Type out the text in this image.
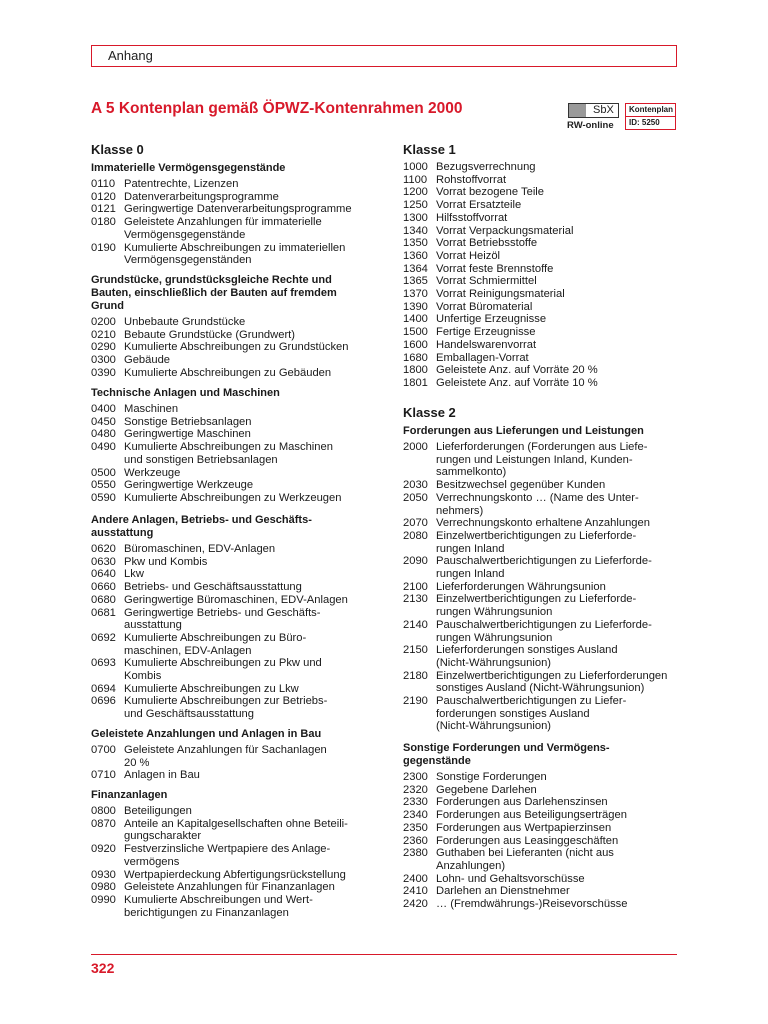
Anhang
A 5 Kontenplan gemäß ÖPWZ-Kontenrahmen 2000	SbX
RW-online
Kontenplan
ID: 5250
Klasse 0
Immaterielle Vermögensgegenstände
0110 Patentrechte, Lizenzen
0120 Datenverarbeitungsprogramme
0121 Geringwertige Datenverarbeitungsprogramme
0180 Geleistete Anzahlungen für immaterielle
Vermögensgegenstände
0190 Kumulierte Abschreibungen zu immateriellen
Vermögensgegenständen
Grundstücke, grundstücksgleiche Rechte und
Bauten, einschließlich der Bauten auf fremdem
Grund
0200 Unbebaute Grundstücke
0210 Bebaute Grundstücke (Grundwert)
0290 Kumulierte Abschreibungen zu Grundstücken
0300 Gebäude
0390 Kumulierte Abschreibungen zu Gebäuden
Technische Anlagen und Maschinen
0400 Maschinen
0450 Sonstige Betriebsanlagen
0480 Geringwertige Maschinen
0490 Kumulierte Abschreibungen zu Maschinen
und sonstigen Betriebsanlagen
0500 Werkzeuge
0550 Geringwertige Werkzeuge
0590 Kumulierte Abschreibungen zu Werkzeugen
Andere Anlagen, Betriebs- und Geschäfts-
ausstattung
0620 Büromaschinen, EDV-Anlagen
0630 Pkw und Kombis
0640 Lkw
0660 Betriebs- und Geschäftsausstattung
0680 Geringwertige Büromaschinen, EDV-Anlagen
0681 Geringwertige Betriebs- und Geschäfts-
ausstattung
0692 Kumulierte Abschreibungen zu Büro-
maschinen, EDV-Anlagen
0693 Kumulierte Abschreibungen zu Pkw und
Kombis
0694 Kumulierte Abschreibungen zu Lkw
0696 Kumulierte Abschreibungen zur Betriebs-
und Geschäftsausstattung
Geleistete Anzahlungen und Anlagen in Bau
0700 Geleistete Anzahlungen für Sachanlagen
20 %
0710 Anlagen in Bau
Finanzanlagen
0800 Beteiligungen
0870 Anteile an Kapitalgesellschaften ohne Beteili-
gungscharakter
0920 Festverzinsliche Wertpapiere des Anlage-
vermögens
0930 Wertpapierdeckung Abfertigungsrückstellung
0980 Geleistete Anzahlungen für Finanzanlagen
0990 Kumulierte Abschreibungen und Wert-
berichtigungen zu Finanzanlagen
Klasse 1
1000 Bezugsverrechnung
1100 Rohstoffvorrat
1200 Vorrat bezogene Teile
1250 Vorrat Ersatzteile
1300 Hilfsstoffvorrat
1340 Vorrat Verpackungsmaterial
1350 Vorrat Betriebsstoffe
1360 Vorrat Heizöl
1364 Vorrat feste Brennstoffe
1365 Vorrat Schmiermittel
1370 Vorrat Reinigungsmaterial
1390 Vorrat Büromaterial
1400 Unfertige Erzeugnisse
1500 Fertige Erzeugnisse
1600 Handelswarenvorrat
1680 Emballagen-Vorrat
1800 Geleistete Anz. auf Vorräte 20 %
1801 Geleistete Anz. auf Vorräte 10 %
Klasse 2
Forderungen aus Lieferungen und Leistungen
2000 Lieferforderungen (Forderungen aus Liefe-
rungen und Leistungen Inland, Kunden-
sammelkonto)
2030 Besitzwechsel gegenüber Kunden
2050 Verrechnungskonto … (Name des Unter-
nehmers)
2070 Verrechnungskonto erhaltene Anzahlungen
2080 Einzelwertberichtigungen zu Lieferforde-
rungen Inland
2090 Pauschalwertberichtigungen zu Lieferforde-
rungen Inland
2100 Lieferforderungen Währungsunion
2130 Einzelwertberichtigungen zu Lieferforde-
rungen Währungsunion
2140 Pauschalwertberichtigungen zu Lieferforde-
rungen Währungsunion
2150 Lieferforderungen sonstiges Ausland
(Nicht-Währungsunion)
2180 Einzelwertberichtigungen zu Lieferforderungen
sonstiges Ausland (Nicht-Währungsunion)
2190 Pauschalwertberichtigungen zu Liefer-
forderungen sonstiges Ausland
(Nicht-Währungsunion)
Sonstige Forderungen und Vermögens-
gegenstände
2300 Sonstige Forderungen
2320 Gegebene Darlehen
2330 Forderungen aus Darlehenszinsen
2340 Forderungen aus Beteiligungserträgen
2350 Forderungen aus Wertpapierzinsen
2360 Forderungen aus Leasinggeschäften
2380 Guthaben bei Lieferanten (nicht aus
Anzahlungen)
2400 Lohn- und Gehaltsvorschüsse
2410 Darlehen an Dienstnehmer
2420 … (Fremdwährungs-)Reisevorschüsse
322
